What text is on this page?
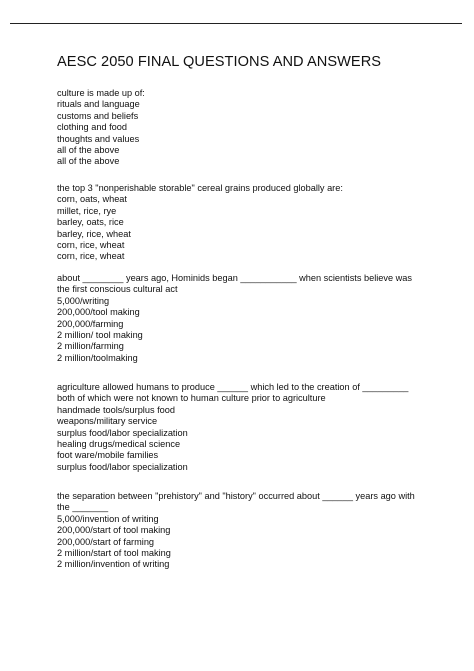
AESC 2050 FINAL QUESTIONS AND ANSWERS
culture is made up of:
rituals and language
customs and beliefs
clothing and food
thoughts and values
all of the above
all of the above
the top 3 "nonperishable storable" cereal grains produced globally are:
corn, oats, wheat
millet, rice, rye
barley, oats, rice
barley, rice, wheat
corn, rice, wheat
corn, rice, wheat
about ________ years ago, Hominids began ___________ when scientists believe was
the first conscious cultural act
5,000/writing
200,000/tool making
200,000/farming
2 million/ tool making
2 million/farming
2 million/toolmaking
agriculture allowed humans to produce ______ which led to the creation of _________
both of which were not known to human culture prior to agriculture
handmade tools/surplus food
weapons/military service
surplus food/labor specialization
healing drugs/medical science
foot ware/mobile families
surplus food/labor specialization
the separation between "prehistory" and "history" occurred about ______ years ago with
the _______
5,000/invention of writing
200,000/start of tool making
200,000/start of farming
2 million/start of tool making
2 million/invention of writing
